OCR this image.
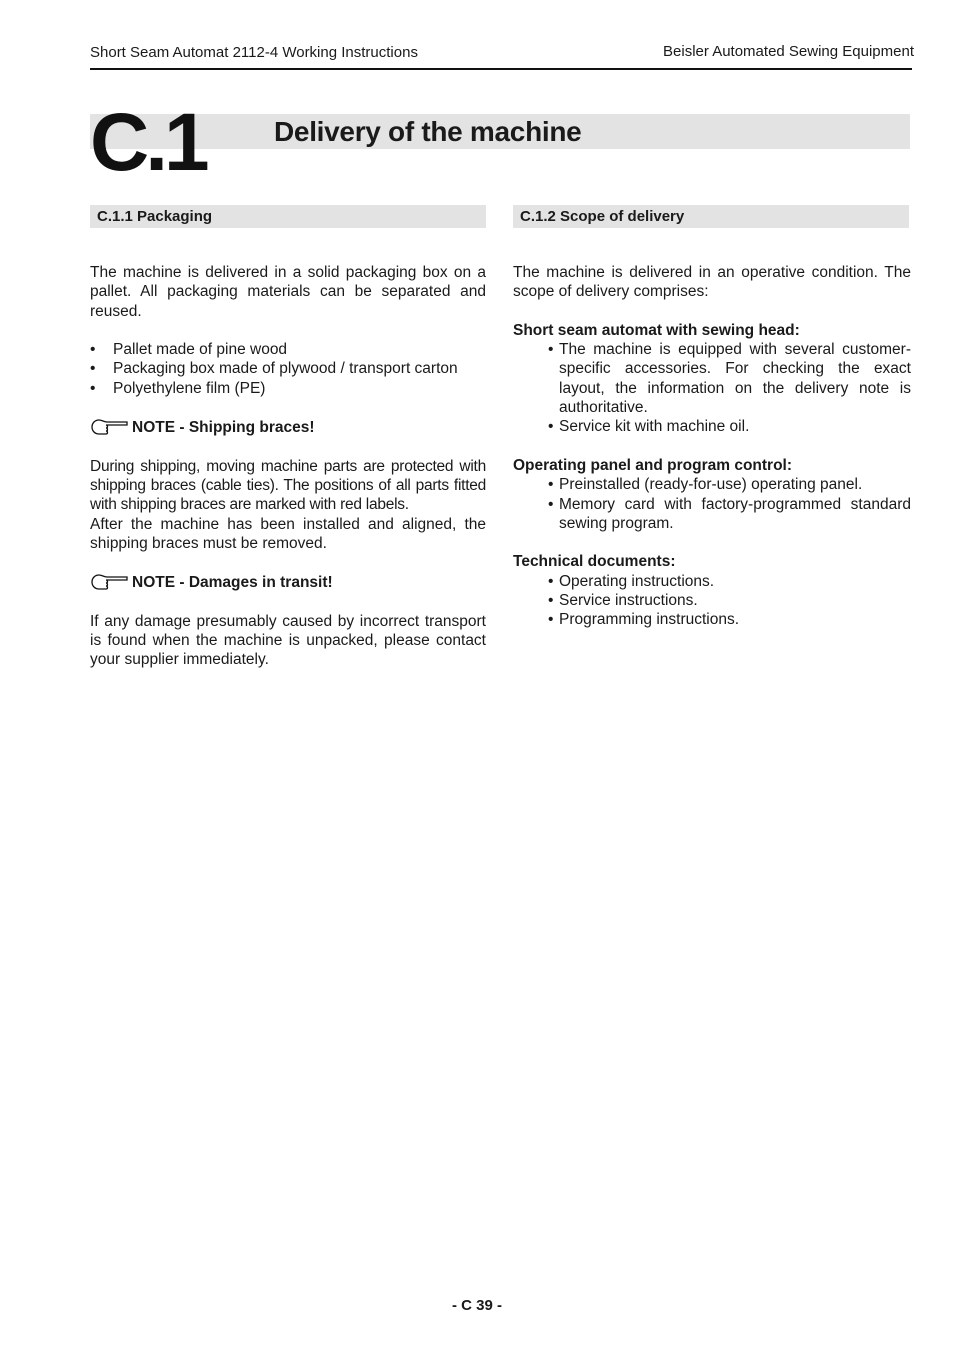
Short Seam Automat 2112-4 Working Instructions	Beisler Automated Sewing Equipment
C.1 Delivery of the machine
C.1.1 Packaging	C.1.2 Scope of delivery

The machine is delivered in a solid packaging box on a pallet. All packaging materials can be separated and reused.

• Pallet made of pine wood
• Packaging box made of plywood / transport carton
• Polyethylene film (PE)
NOTE - Shipping braces!

During shipping, moving machine parts are protected with shipping braces (cable ties). The positions of all parts fitted with shipping braces are marked with red labels.

After the machine has been installed and aligned, the shipping braces must be removed.

NOTE - Damages in transit!

If any damage presumably caused by incorrect transport is found when the machine is unpacked, please contact your supplier immediately.

The machine is delivered in an operative condition. The scope of delivery comprises:

Short seam automat with sewing head:

• The machine is equipped with several customer-specific accessories. For checking the exact layout, the information on the delivery note is authoritative.
• Service kit with machine oil.

Operating panel and program control:

• Preinstalled (ready-for-use) operating panel.
• Memory card with factory-programmed standard sewing program.

Technical documents:

• Operating instructions.
• Service instructions.
• Programming instructions.
- C 39 -
